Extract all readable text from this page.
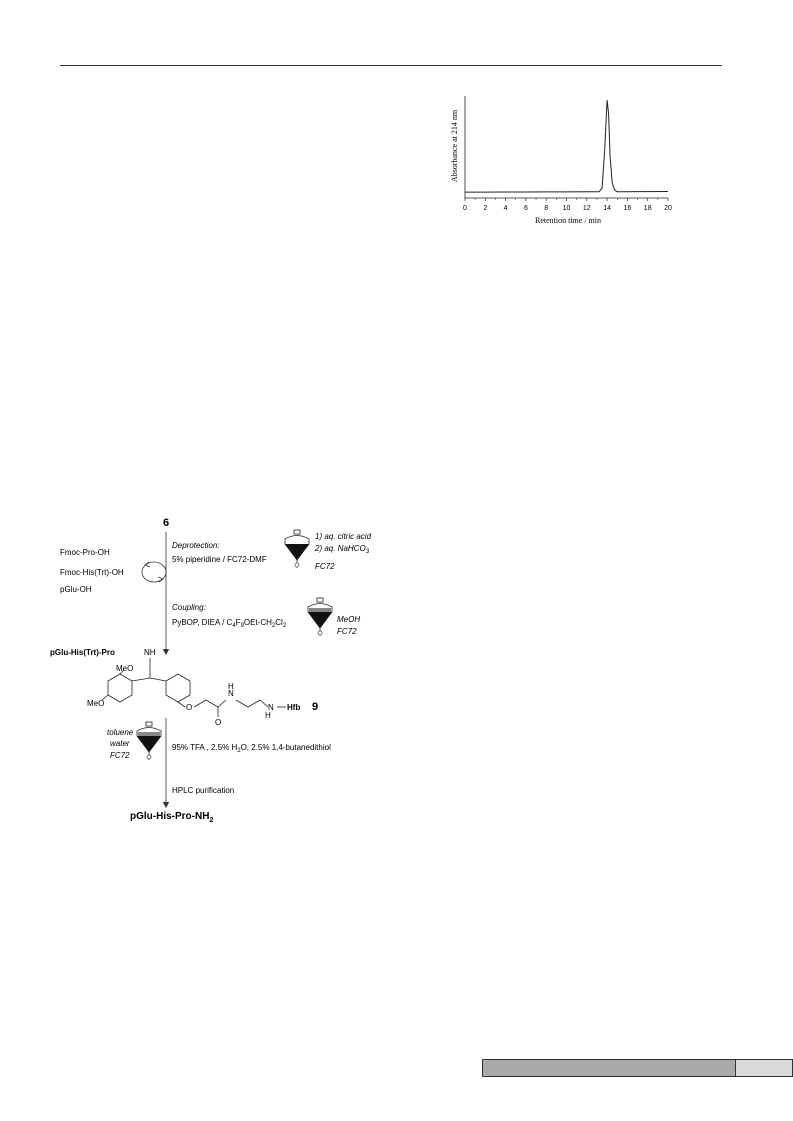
0 2 4 6 8 10 12 14 16 18 20
Retention time / min
Absorbance at 214 nm
6
Fmoc-Pro-OH
Fmoc-His(Trt)-OH
pGlu-OH
Deprotection:
5% piperidine / FC72-DMF
1) aq. citric acid
2) aq. NaHCO$_3$
FC72
Coupling:
PyBOP, DIEA / $C_4F_9OEt-CH_2Cl_2$
MeOH
FC72
pGlu-His(Trt)-Pro	NH
MeO
MeO	O
O
N
H
N
H
Hfb 9
toluene
water
FC72
95% TFA , 2.5% $H_2O$, 2.5% 1,4-butanedithiol
HPLC purification
pGlu-$His-Pro-NH_2$
